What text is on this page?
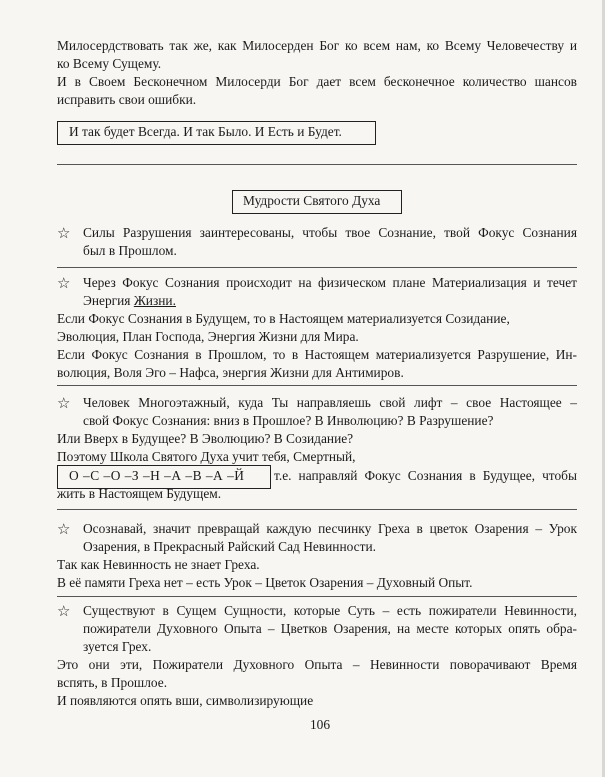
Милосердствовать так же, как Милосерден Бог ко всем нам, ко Всему Человечеству и
ко Всему Сущему.
И в Своем Бесконечном Милосерди Бог дает всем бесконечное количество шансов
исправить свои ошибки.
И так будет Всегда. И так Было. И Есть и Будет.
Мудрости Святого Духа
☆ Силы Разрушения заинтересованы, чтобы твое Сознание, твой Фокус Сознания
был в Прошлом.
☆ Через Фокус Сознания происходит на физическом плане Материализация и течет
Энергия Жизни.
Если Фокус Сознания в Будущем, то в Настоящем материализуется Созидание,
Эволюция, План Господа, Энергия Жизни для Мира.
Если Фокус Сознания в Прошлом, то в Настоящем материализуется Разрушение, Ин-
волюция, Воля Эго – Нафса, энергия Жизни для Антимиров.
☆ Человек Многоэтажный, куда Ты направляешь свой лифт – свое Настоящее –
свой Фокус Сознания: вниз в Прошлое? В Инволюцию? В Разрушение?
Или Вверх в Будущее? В Эволюцию? В Созидание?
Поэтому Школа Святого Духа учит тебя, Смертный,
О –С –О –З –Н –А –В –А –Й т.е. направляй Фокус Сознания в Будущее, чтобы
жить в Настоящем Будущем.
☆ Осознавай, значит превращай каждую песчинку Греха в цветок Озарения – Урок
Озарения, в Прекрасный Райский Сад Невинности.
Так как Невинность не знает Греха.
В её памяти Греха нет – есть Урок – Цветок Озарения – Духовный Опыт.
☆ Существуют в Сущем Сущности, которые Суть – есть пожиратели Невинности,
пожиратели Духовного Опыта – Цветков Озарения, на месте которых опять обра-
зуется Грех.
Это они эти, Пожиратели Духовного Опыта – Невинности поворачивают Время
вспять, в Прошлое.
И появляются опять вши, символизирующие
106
